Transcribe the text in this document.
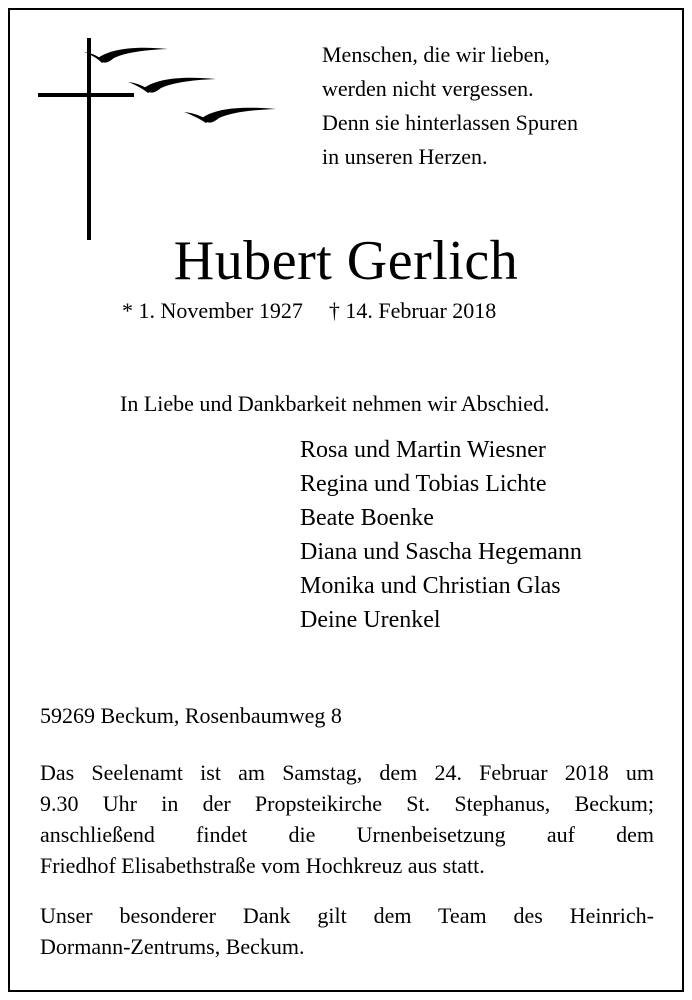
Menschen, die wir lieben,
werden nicht vergessen.
Denn sie hinterlassen Spuren
in unseren Herzen.
Hubert Gerlich
* 1. November 1927 † 14. Februar 2018
In Liebe und Dankbarkeit nehmen wir Abschied.
Rosa und Martin Wiesner
Regina und Tobias Lichte
Beate Boenke
Diana und Sascha Hegemann
Monika und Christian Glas
Deine Urenkel
59269 Beckum, Rosenbaumweg 8

Das Seelenamt ist am Samstag, dem 24. Februar 2018 um
9.30 Uhr in der Propsteikirche St. Stephanus, Beckum;
anschließend findet die Urnenbeisetzung auf dem
Friedhof Elisabethstraße vom Hochkreuz aus statt.

Unser besonderer Dank gilt dem Team des Heinrich-
Dormann-Zentrums, Beckum.
